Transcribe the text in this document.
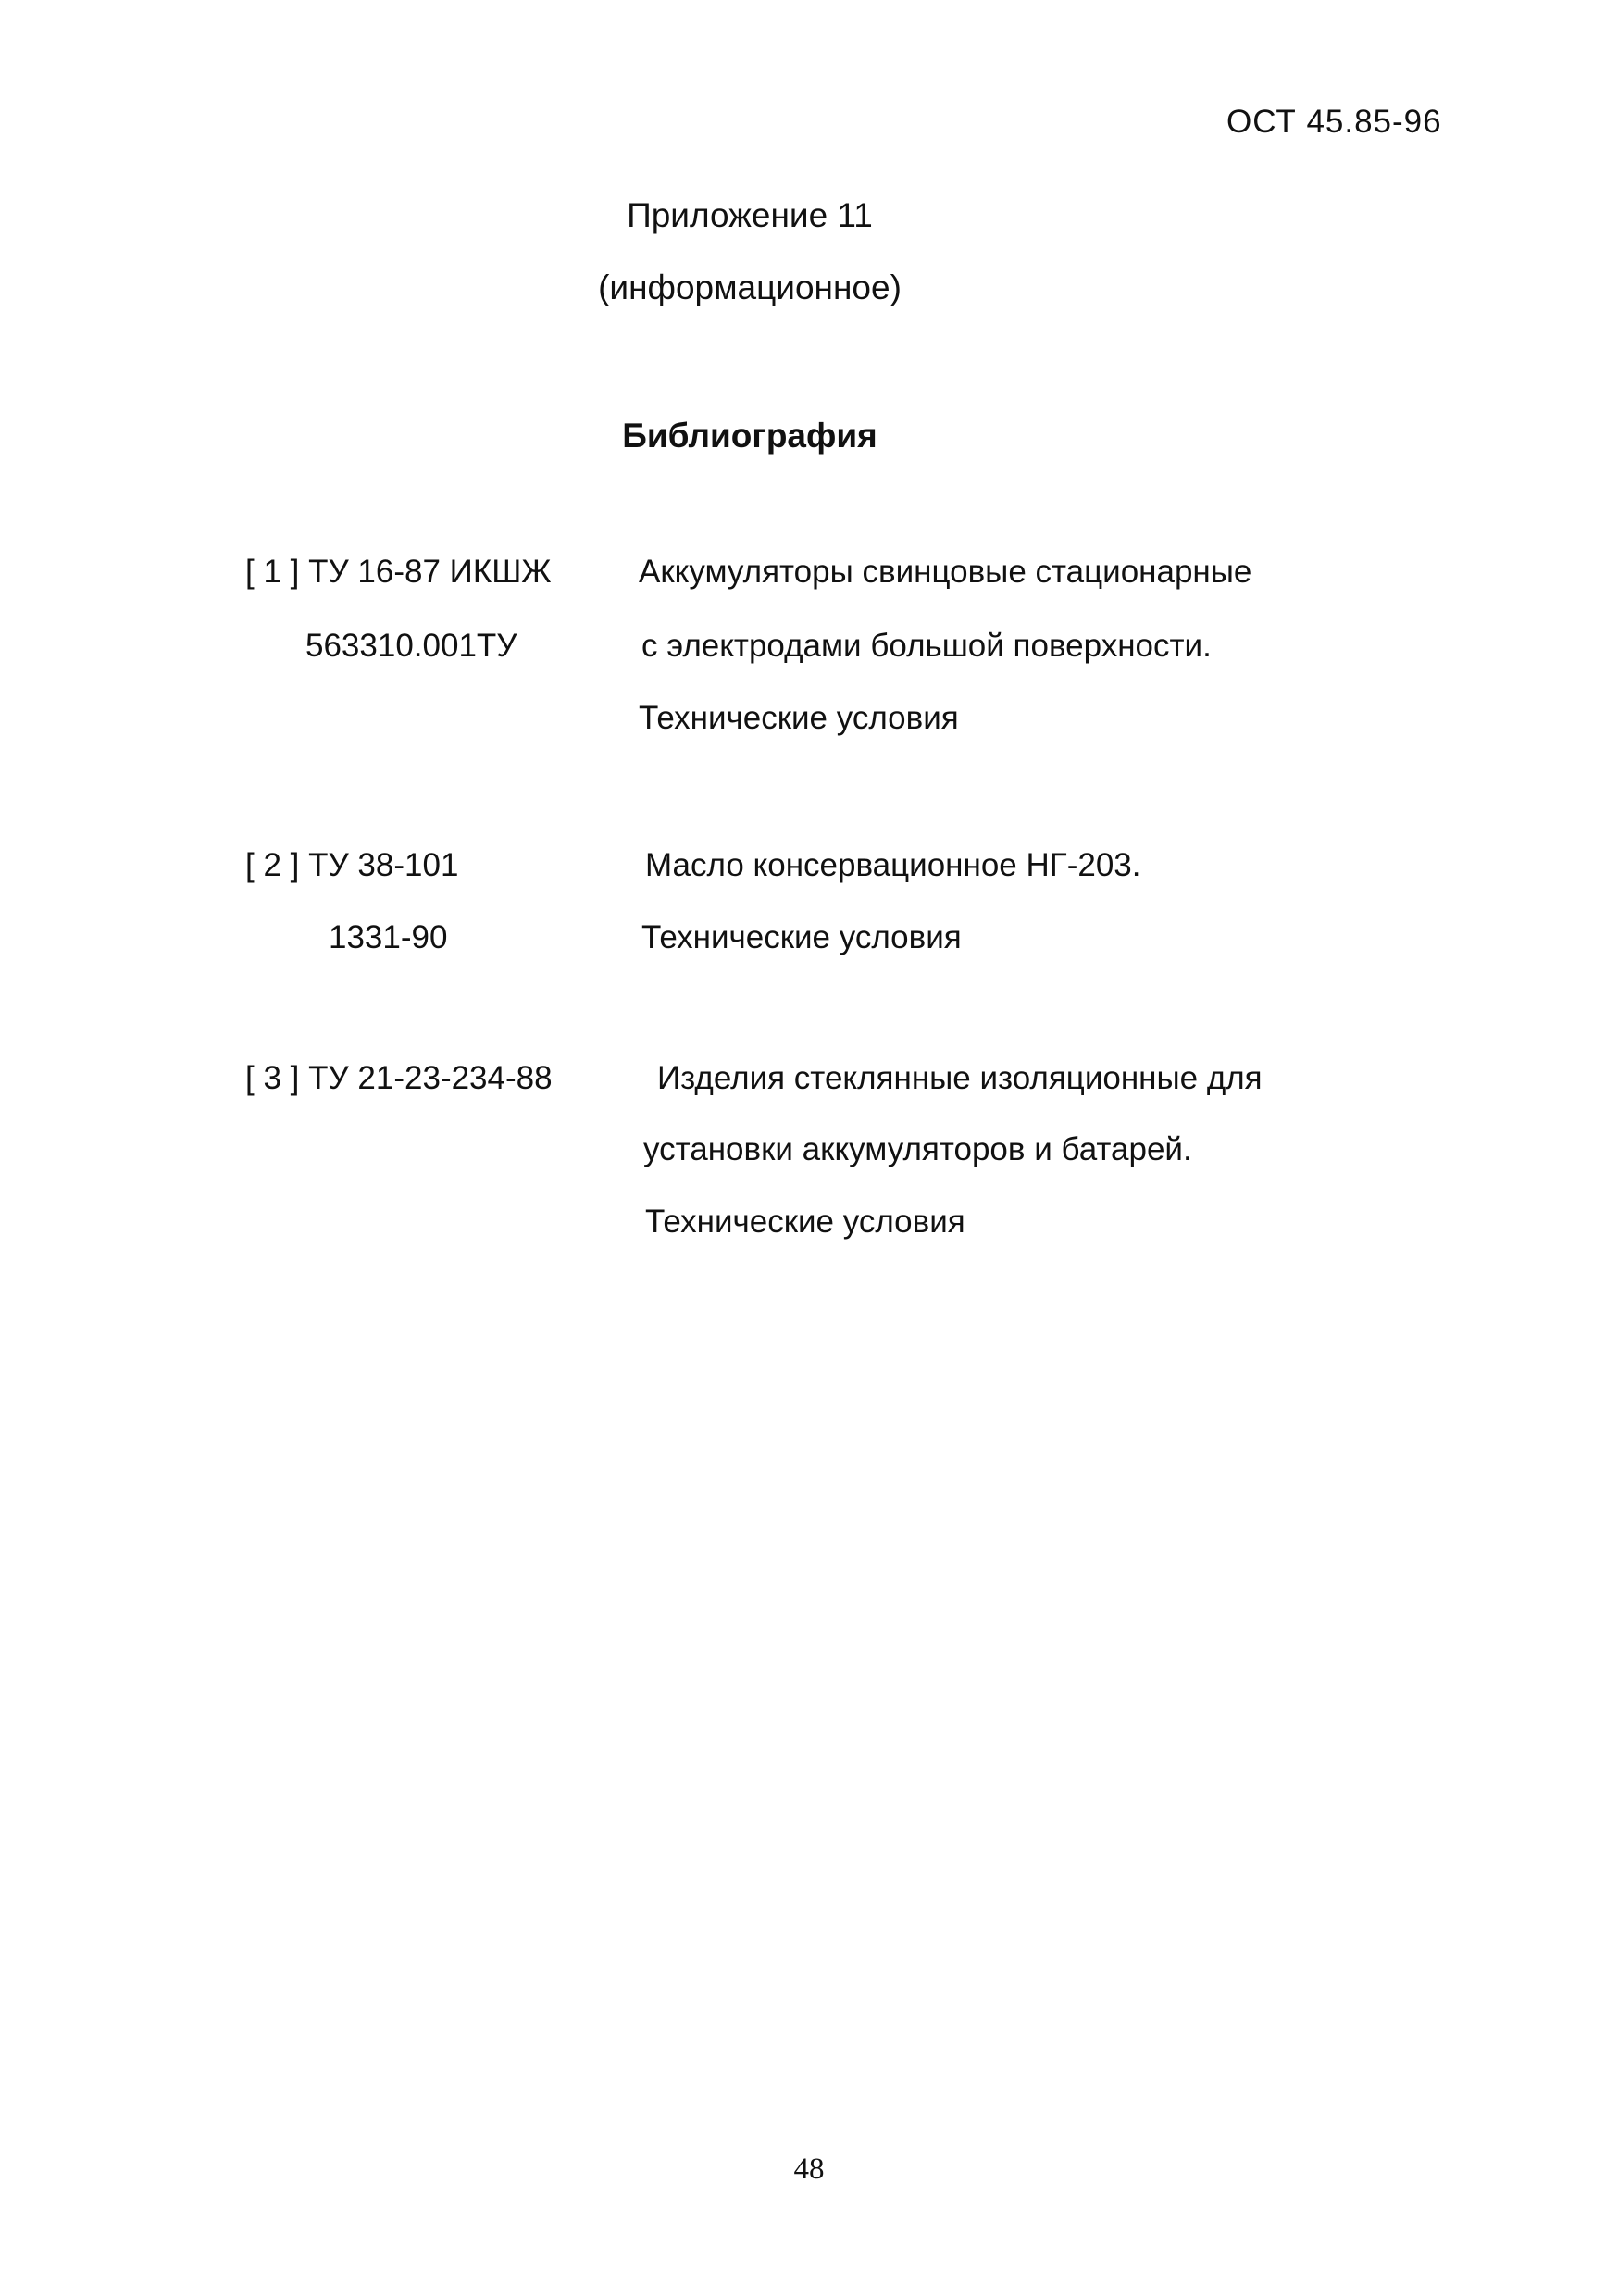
ОСТ 45.85-96
Приложение 11
(информационное)
Библиография
[ 1 ] ТУ 16-87 ИКШЖ
563310.001ТУ
Аккумуляторы свинцовые стационарные
с электродами большой поверхности.
Технические условия
[ 2 ] ТУ 38-101
1331-90
Масло консервационное НГ-203.
Технические условия
[ 3 ] ТУ 21-23-234-88	Изделия стеклянные изоляционные для
установки аккумуляторов и батарей.
Технические условия
48
